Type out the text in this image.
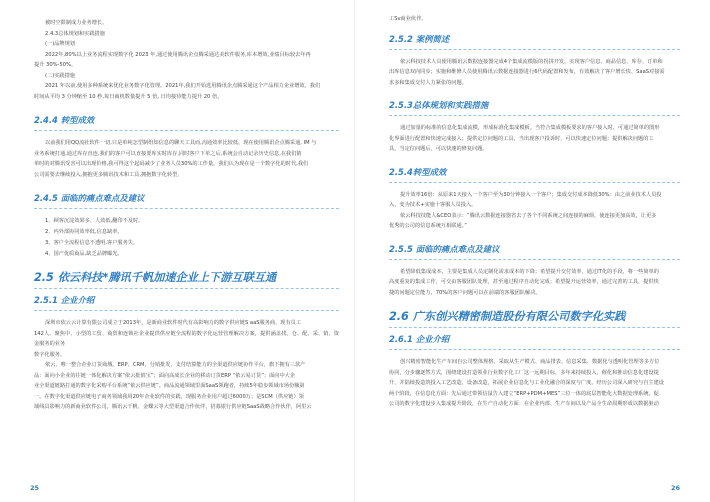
被时空限制成力业务增长。

2.4.3总体规划和实践措施

(一)品牌规划

2022年,80%以上业务流程实现数字化 2023 年,通过使用腾讯企点腾采通达美软件服务,库本增效,业绩目标较去年再

提升 30%-50%。

(二)实践措施

2021 年以前,使用多种系统来优化业务数字化管理。2021年,我们开始选用腾讯企点腾采通这个产品相力企业增效。我们

时间从平均 3 分钟缩至 10 秒,每日商机数量提升 5 倍, 日均接待能力提升 20 倍。

2.4.4 转型成效

以前我们用QQ流社软件一切,只是单纯怎型制组知信息的聊天工具而,沟通效率比较低。现在使用腾讯企点腾采通, IM 与

业务系统打通,通过库存直连,我们的客户可以直接要库实时库存,同时客户下单之后,系统会自动记录历史信息,在我们销

单时的对腾讯受害可以出现价格,我可得这个起码减少了业务人员30%的工作量。我们认为现在是一个数字化的时代,我们

公司需要去继续投入,拥抱更多腾讯技术和工具,拥抱数字化转型。

2.4.5 面临的痛点难点及建议

1、顾客沉淀效果多、人效低,翻印不及时。

2、内外部协同效率低,信息缺率。

3、客户全流程信息不透明,客户服务失。

4、国产优质商品,缺乏品牌曝光。

2.5 依云科技*腾讯千帆加速企业上下游互联互通
2.5.1 企业介绍

深圳市依云云计算有限公司成立于2013年，是新商业软件时代有高影响力的数字供应链S aaS服务商，现有员工

142人。聚焦中、小型的工贸、商贸和连锁社企业提供供应链全流程的数字化运营管理解决方案，提供涵盖找、仓、配、采、销、资金服务的业务

数字化服务。

依云，唯一整合企业订货商城、ERP、CRM、分销批发、支付结算能力的全渠道供应链协作平台，旗下拥有三款产

品：面向小企业的往链一体化解决方案“依云批销宝”；面向高成长企业的移动订货ERP “依云易订货”；面向中大企

业全渠道链路打通的数字化采购平台系统“依云供应链”。商品流通领域里面SaaS领跑者，持续5年稳步领域市场份额第

一。在数字化渠道供应链电子商务领域我用20年企业软件的实践，现服务企业用户超过6000万；是SCM（供应链）领

域线具影响力的新商业软件公司。腾讯云千帆、金蝶云等大型渠道合作伙伴，招募银行供应链SaaS战略合作伙伴，阿里云

25

工Sv商业伙伴。

2.5.2 案例简述

依云科技技术人员使用腾讯云数据连接器完成4个集成流模版的拐拼开发，实现客户信息、商品信息、库存、订单和

出库信息双向同步；实施和维修人员使用腾讯云数据连接器进行6代码配置和发布，有效解决了客户增长快、SaaS对接需

求多和集成交付人力紧张的问题。

2.5.3总体规划和实践措施

通过加量的标准的信息化集成流模，形成标准化集成模板。当符合集成模板要求的客户接入时，可通过简单的图形

化界面进行配置和快速完成接入；提供定位问题的工具，当出现客户投诉时，可以快速定位问题；提供解决问题的工

具，当定位问题后，可以快速的修复问题。

2.5.4转型成效

提升效率16倍：从原来1天接入一个客户至为30分钟接入一个客户；集成交付成本降低30%：由之前业技术人员投

入，变为技术+实施十客服人员投入。

依云科技技能人&CEO表示：“腾讯云数据连接器省去了各个不同系统之间连接的麻烦，使连接更加高效，让更多

优秀的公司的信息系统互相联通。”

2.5.5 面临的痛点难点及建议

希望降低集成成本，主要是集成人员定制化需求成本的下降；希望提升交付效率，通过IT化的手段，将一些简单的

高度重复的集成工作，可交由客服团队处理，甚至通过程序自动化完成；希望提升运营效率，通过完善的工具，提供快

捷的问题定位能力，70%的客户问题可以在前端的客服团队解决。

2.6 广东创兴精密制造股份有限公司数字化实践
2.6.1 企业介绍

创兴精密智能化生产车间自公司整体规格，采取从生产模式、商品排表、信息采集、数据化与透明化管理等多方位

协同，分步骤逐然方式，围绕建设打造领业行业数字化工厂这一远期目标，多年来持续投入，催化和推动信息化建设提

升，并陆续投造筑投入工艺改造、设备改造，拓展企业信息化与工业化融合的深度与广度。经历公司深入研究与自主建设

两个阶段，在信息化方面：先后通过带领信鼠告入建立“ERP+PDM+MES”三位一体的底层智能化大数据处理系统，促

公司的数字化建设步入集成提升阶段，在生产自动化方面：在企业内部、生产车间以及产品全生命周期形成以数据驱动

26
